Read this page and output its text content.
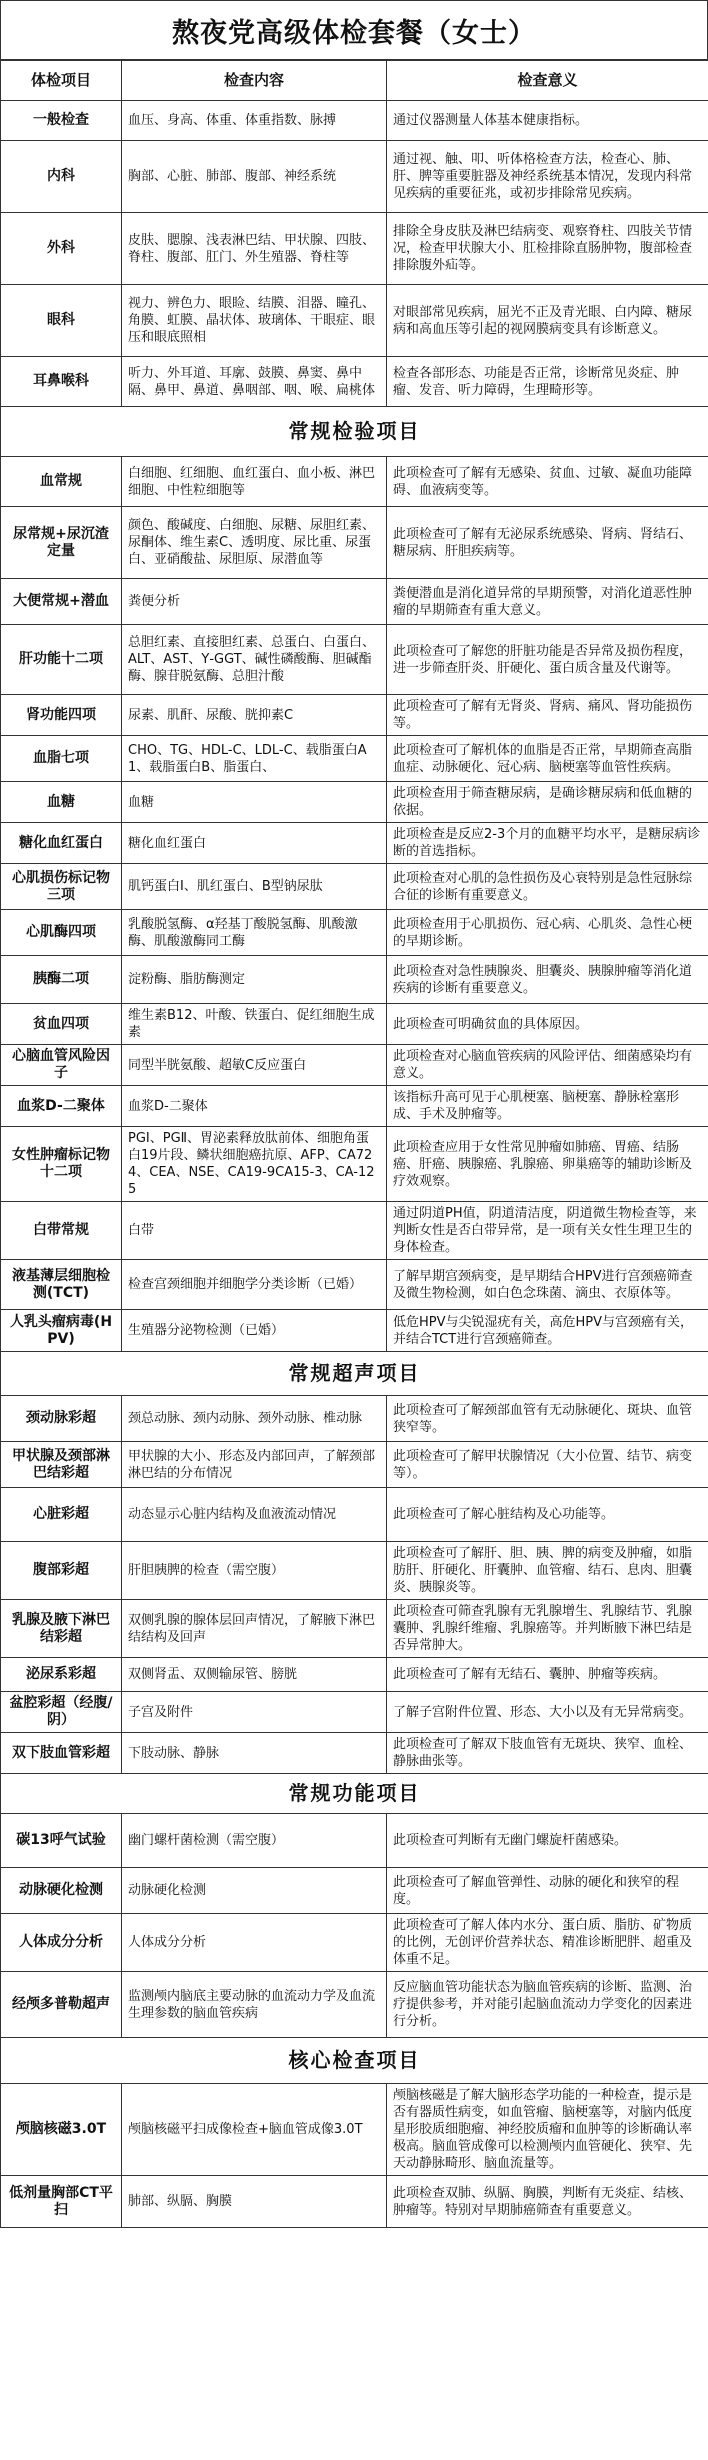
熬夜党高级体检套餐（女士）
体检项目	检查内容	检查意义
一般检查	血压、身高、体重、体重指数、脉搏	通过仪器测量人体基本健康指标。
内科	胸部、心脏、肺部、腹部、神经系统	通过视、触、叩、听体格检查方法，检查心、肺、肝、脾等重要脏器及神经系统基本情况，发现内科常见疾病的重要征兆，或初步排除常见疾病。
外科	皮肤、腮腺、浅表淋巴结、甲状腺、四肢、脊柱、腹部、肛门、外生殖器、脊柱等	排除全身皮肤及淋巴结病变、观察脊柱、四肢关节情况，检查甲状腺大小、肛检排除直肠肿物，腹部检查排除腹外疝等。
眼科	视力、辨色力、眼睑、结膜、泪器、瞳孔、角膜、虹膜、晶状体、玻璃体、干眼症、眼压和眼底照相	对眼部常见疾病，屈光不正及青光眼、白内障、糖尿病和高血压等引起的视网膜病变具有诊断意义。
耳鼻喉科	听力、外耳道、耳廓、鼓膜、鼻窦、鼻中隔、鼻甲、鼻道、鼻咽部、咽、喉、扁桃体	检查各部形态、功能是否正常，诊断常见炎症、肿瘤、发音、听力障碍，生理畸形等。
常规检验项目		
血常规	白细胞、红细胞、血红蛋白、血小板、淋巴细胞、中性粒细胞等	此项检查可了解有无感染、贫血、过敏、凝血功能障碍、血液病变等。
尿常规+尿沉渣定量	颜色、酸碱度、白细胞、尿糖、尿胆红素、尿酮体、维生素C、透明度、尿比重、尿蛋白、亚硝酸盐、尿胆原、尿潜血等	此项检查可了解有无泌尿系统感染、肾病、肾结石、糖尿病、肝胆疾病等。
大便常规+潜血	粪便分析	粪便潜血是消化道异常的早期预警，对消化道恶性肿瘤的早期筛查有重大意义。
肝功能十二项	总胆红素、直接胆红素、总蛋白、白蛋白、ALT、AST、Υ-GGT、碱性磷酸酶、胆碱酯酶、腺苷脱氨酶、总胆汁酸	此项检查可了解您的肝脏功能是否异常及损伤程度，进一步筛查肝炎、肝硬化、蛋白质含量及代谢等。
肾功能四项	尿素、肌酐、尿酸、胱抑素C	此项检查可了解有无肾炎、肾病、痛风、肾功能损伤等。
血脂七项	CHO、TG、HDL-C、LDL-C、载脂蛋白A1、载脂蛋白B、脂蛋白、	此项检查可了解机体的血脂是否正常，早期筛查高脂血症、动脉硬化、冠心病、脑梗塞等血管性疾病。
血糖	血糖	此项检查用于筛查糖尿病，是确诊糖尿病和低血糖的依据。
糖化血红蛋白	糖化血红蛋白	此项检查是反应2-3个月的血糖平均水平，是糖尿病诊断的首选指标。
心肌损伤标记物三项	肌钙蛋白I、肌红蛋白、B型钠尿肽	此项检查对心肌的急性损伤及心衰特别是急性冠脉综合征的诊断有重要意义。
心肌酶四项	乳酸脱氢酶、α羟基丁酸脱氢酶、肌酸激酶、肌酸激酶同工酶	此项检查用于心肌损伤、冠心病、心肌炎、急性心梗的早期诊断。
胰酶二项	淀粉酶、脂肪酶测定	此项检查对急性胰腺炎、胆囊炎、胰腺肿瘤等消化道疾病的诊断有重要意义。
贫血四项	维生素B12、叶酸、铁蛋白、促红细胞生成素	此项检查可明确贫血的具体原因。
心脑血管风险因子	同型半胱氨酸、超敏C反应蛋白	此项检查对心脑血管疾病的风险评估、细菌感染均有意义。
血浆D-二聚体	血浆D-二聚体	该指标升高可见于心肌梗塞、脑梗塞、静脉栓塞形成、手术及肿瘤等。
女性肿瘤标记物十二项	PGⅠ、PGⅡ、胃泌素释放肽前体、细胞角蛋白19片段、鳞状细胞癌抗原、AFP、CA724、CEA、NSE、CA19-9CA15-3、CA-125	此项检查应用于女性常见肿瘤如肺癌、胃癌、结肠癌、肝癌、胰腺癌、乳腺癌、卵巢癌等的辅助诊断及疗效观察。
白带常规	白带	通过阴道PH值，阴道清洁度，阴道微生物检查等，来判断女性是否白带异常，是一项有关女性生理卫生的身体检查。
液基薄层细胞检测(TCT)	检查宫颈细胞并细胞学分类诊断（已婚）	了解早期宫颈病变，是早期结合HPV进行宫颈癌筛查及微生物检测，如白色念珠菌、滴虫、衣原体等。
人乳头瘤病毒(HPV)	生殖器分泌物检测（已婚）	低危HPV与尖锐湿疣有关，高危HPV与宫颈癌有关，并结合TCT进行宫颈癌筛查。
常规超声项目		
颈动脉彩超	颈总动脉、颈内动脉、颈外动脉、椎动脉	此项检查可了解颈部血管有无动脉硬化、斑块、血管狭窄等。
甲状腺及颈部淋巴结彩超	甲状腺的大小、形态及内部回声，了解颈部淋巴结的分布情况	此项检查可了解甲状腺情况（大小位置、结节、病变等）。
心脏彩超	动态显示心脏内结构及血液流动情况	此项检查可了解心脏结构及心功能等。
腹部彩超	肝胆胰脾的检查（需空腹）	此项检查可了解肝、胆、胰、脾的病变及肿瘤，如脂肪肝、肝硬化、肝囊肿、血管瘤、结石、息肉、胆囊炎、胰腺炎等。
乳腺及腋下淋巴结彩超	双侧乳腺的腺体层回声情况，了解腋下淋巴结结构及回声	此项检查可筛查乳腺有无乳腺增生、乳腺结节、乳腺囊肿、乳腺纤维瘤、乳腺癌等。并判断腋下淋巴结是否异常肿大。
泌尿系彩超	双侧肾盂、双侧输尿管、膀胱	此项检查可了解有无结石、囊肿、肿瘤等疾病。
盆腔彩超（经腹/阴）	子宫及附件	了解子宫附件位置、形态、大小以及有无异常病变。
双下肢血管彩超	下肢动脉、静脉	此项检查可了解双下肢血管有无斑块、狭窄、血栓、静脉曲张等。
常规功能项目		
碳13呼气试验	幽门螺杆菌检测（需空腹）	此项检查可判断有无幽门螺旋杆菌感染。
动脉硬化检测	动脉硬化检测	此项检查可了解血管弹性、动脉的硬化和狭窄的程度。
人体成分分析	人体成分分析	此项检查可了解人体内水分、蛋白质、脂肪、矿物质的比例，无创评价营养状态、精准诊断肥胖、超重及体重不足。
经颅多普勒超声	监测颅内脑底主要动脉的血流动力学及血流生理参数的脑血管疾病	反应脑血管功能状态为脑血管疾病的诊断、监测、治疗提供参考，并对能引起脑血流动力学变化的因素进行分析。
核心检查项目		
颅脑核磁3.0T	颅脑核磁平扫成像检查+脑血管成像3.0T	颅脑核磁是了解大脑形态学功能的一种检查，提示是否有器质性病变，如血管瘤、脑梗塞等，对脑内低度星形胶质细胞瘤、神经胶质瘤和血肿等的诊断确认率极高。脑血管成像可以检测颅内血管硬化、狭窄、先天动静脉畸形、脑血流量等。
低剂量胸部CT平扫	肺部、纵膈、胸膜	此项检查双肺、纵膈、胸膜，判断有无炎症、结核、肿瘤等。特别对早期肺癌筛查有重要意义。
